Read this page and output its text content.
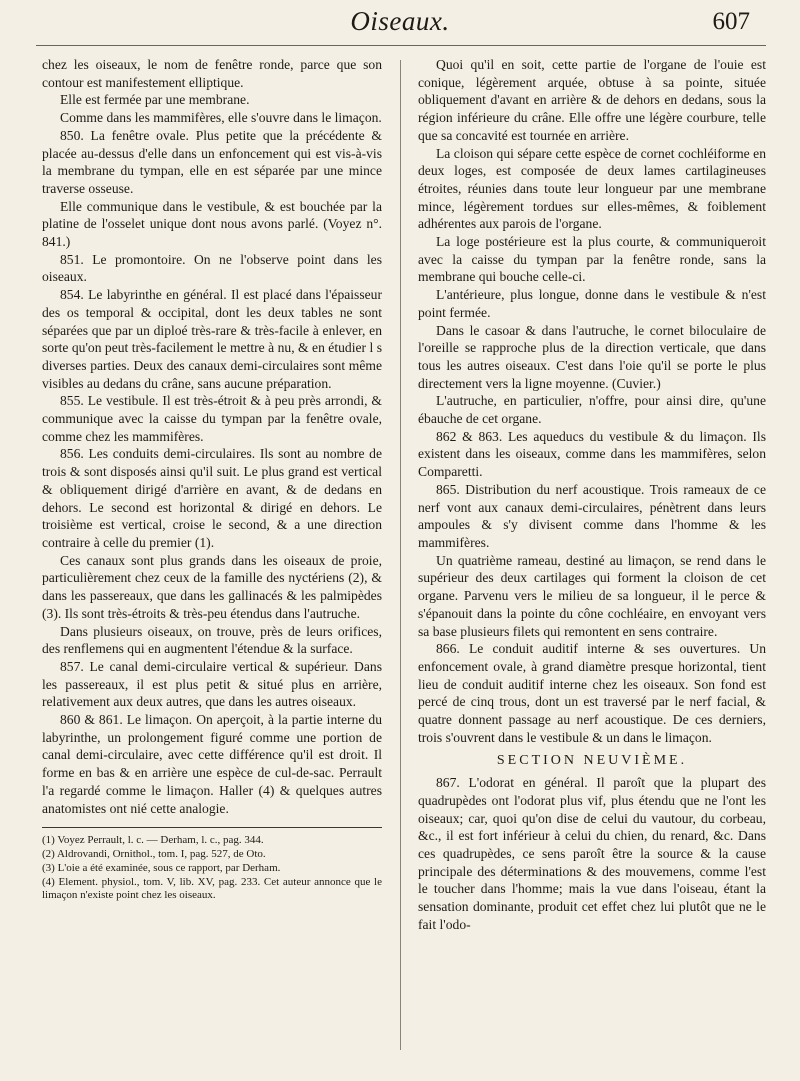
Oiseaux.	607

chez les oiseaux, le nom de fenêtre ronde, parce que son contour est manifestement elliptique.

Elle est fermée par une membrane.

Comme dans les mammifères, elle s'ouvre dans le limaçon.

850. La fenêtre ovale. Plus petite que la précédente & placée au-dessus d'elle dans un enfoncement qui est vis-à-vis la membrane du tympan, elle en est séparée par une mince traverse osseuse.

Elle communique dans le vestibule, & est bouchée par la platine de l'osselet unique dont nous avons parlé. (Voyez n°. 841.)

851. Le promontoire. On ne l'observe point dans les oiseaux.

854. Le labyrinthe en général. Il est placé dans l'épaisseur des os temporal & occipital, dont les deux tables ne sont séparées que par un diploé très-rare & très-facile à enlever, en sorte qu'on peut très-facilement le mettre à nu, & en étudier l s diverses parties. Deux des canaux demi-circulaires sont même visibles au dedans du crâne, sans aucune préparation.

855. Le vestibule. Il est très-étroit & à peu près arrondi, & communique avec la caisse du tympan par la fenêtre ovale, comme chez les mammifères.

856. Les conduits demi-circulaires. Ils sont au nombre de trois & sont disposés ainsi qu'il suit. Le plus grand est vertical & obliquement dirigé d'arrière en avant, & de dedans en dehors. Le second est horizontal & dirigé en dehors. Le troisième est vertical, croise le second, & a une direction contraire à celle du premier (1).

Ces canaux sont plus grands dans les oiseaux de proie, particulièrement chez ceux de la famille des nyctériens (2), & dans les passereaux, que dans les gallinacés & les palmipèdes (3). Ils sont très-étroits & très-peu étendus dans l'autruche.

Dans plusieurs oiseaux, on trouve, près de leurs orifices, des renflemens qui en augmentent l'étendue & la surface.

857. Le canal demi-circulaire vertical & supérieur. Dans les passereaux, il est plus petit & situé plus en arrière, relativement aux deux autres, que dans les autres oiseaux.

860 & 861. Le limaçon. On aperçoit, à la partie interne du labyrinthe, un prolongement figuré comme une portion de canal demi-circulaire, avec cette différence qu'il est droit. Il forme en bas & en arrière une espèce de cul-de-sac. Perrault l'a regardé comme le limaçon. Haller (4) & quelques autres anatomistes ont nié cette analogie.

(1) Voyez Perrault, l. c. — Derham, l. c., pag. 344.

(2) Aldrovandi, Ornithol., tom. I, pag. 527, de Oto.

(3) L'oie a été examinée, sous ce rapport, par Derham.

(4) Element. physiol., tom. V, lib. XV, pag. 233. Cet auteur annonce que le limaçon n'existe point chez les oiseaux.

Quoi qu'il en soit, cette partie de l'organe de l'ouie est conique, légèrement arquée, obtuse à sa pointe, située obliquement d'avant en arrière & de dehors en dedans, sous la région inférieure du crâne. Elle offre une légère courbure, telle que sa concavité est tournée en arrière.

La cloison qui sépare cette espèce de cornet cochléiforme en deux loges, est composée de deux lames cartilagineuses étroites, réunies dans toute leur longueur par une membrane mince, légèrement tordues sur elles-mêmes, & foiblement adhérentes aux parois de l'organe.

La loge postérieure est la plus courte, & communiqueroit avec la caisse du tympan par la fenêtre ronde, sans la membrane qui bouche celle-ci.

L'antérieure, plus longue, donne dans le vestibule & n'est point fermée.

Dans le casoar & dans l'autruche, le cornet biloculaire de l'oreille se rapproche plus de la direction verticale, que dans tous les autres oiseaux. C'est dans l'oie qu'il se porte le plus directement vers la ligne moyenne. (Cuvier.)

L'autruche, en particulier, n'offre, pour ainsi dire, qu'une ébauche de cet organe.

862 & 863. Les aqueducs du vestibule & du limaçon. Ils existent dans les oiseaux, comme dans les mammifères, selon Comparetti.

865. Distribution du nerf acoustique. Trois rameaux de ce nerf vont aux canaux demi-circulaires, pénètrent dans leurs ampoules & s'y divisent comme dans l'homme & les mammifères.

Un quatrième rameau, destiné au limaçon, se rend dans le supérieur des deux cartilages qui forment la cloison de cet organe. Parvenu vers le milieu de sa longueur, il le perce & s'épanouit dans la pointe du cône cochléaire, en envoyant vers sa base plusieurs filets qui remontent en sens contraire.

866. Le conduit auditif interne & ses ouvertures. Un enfoncement ovale, à grand diamètre presque horizontal, tient lieu de conduit auditif interne chez les oiseaux. Son fond est percé de cinq trous, dont un est traversé par le nerf facial, & quatre donnent passage au nerf acoustique. De ces derniers, trois s'ouvrent dans le vestibule & un dans le limaçon.

SECTION NEUVIÈME.

867. L'odorat en général. Il paroît que la plupart des quadrupèdes ont l'odorat plus vif, plus étendu que ne l'ont les oiseaux; car, quoi qu'on dise de celui du vautour, du corbeau, &c., il est fort inférieur à celui du chien, du renard, &c. Dans ces quadrupèdes, ce sens paroît être la source & la cause principale des déterminations & des mouvemens, comme l'est le toucher dans l'homme; mais la vue dans l'oiseau, étant la sensation dominante, produit cet effet chez lui plutôt que ne le fait l'odo-
